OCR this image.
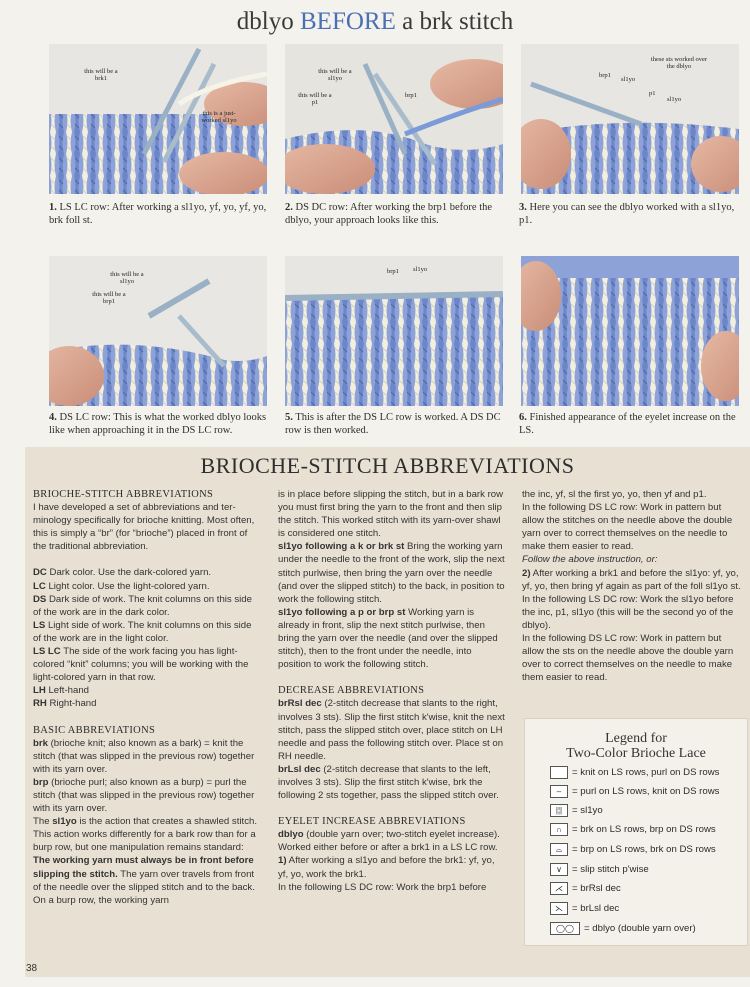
dblyo BEFORE a brk stitch
this will be a brk1
this is a just-worked sl1yo
1. LS LC row: After working a sl1yo, yf, yo, yf, yo, brk foll st.
this will be a sl1yo
this will be a p1
brp1
2. DS DC row: After working the brp1 before the dblyo, your approach looks like this.
brp1
sl1yo
p1
these sts worked over the dblyo
sl1yo
3. Here you can see the dblyo worked with a sl1yo, p1.
this will be a sl1yo
this will be a brp1
4. DS LC row: This is what the worked dblyo looks like when approaching it in the DS LC row.
brp1 sl1yo
5. This is after the DS LC row is worked. A DS DC row is then worked.
6. Finished appearance of the eyelet increase on the LS.
BRIOCHE-STITCH ABBREVIATIONS
BRIOCHE-STITCH ABBREVIATIONS

I have developed a set of abbreviations and ter-minology specifically for brioche knitting. Most often, this is simply a “br” (for “brioche”) placed in front of the traditional abbreviation.

DC Dark color. Use the dark-colored yarn.

LC Light color. Use the light-colored yarn.

DS Dark side of work. The knit columns on this side of the work are in the dark color.

LS Light side of work. The knit columns on this side of the work are in the light color.

LS LC The side of the work facing you has light-colored “knit” columns; you will be working with the light-colored yarn in that row.

LH Left-hand

RH Right-hand

BASIC ABBREVIATIONS

brk (brioche knit; also known as a bark) = knit the stitch (that was slipped in the previous row) together with its yarn over.

brp (brioche purl; also known as a burp) = purl the stitch (that was slipped in the previous row) together with its yarn over.

The sl1yo is the action that creates a shawled stitch. This action works differently for a bark row than for a burp row, but one manipulation remains standard: The working yarn must always be in front before slipping the stitch. The yarn over travels from front of the needle over the slipped stitch and to the back. On a burp row, the working yarn

is in place before slipping the stitch, but in a bark row you must first bring the yarn to the front and then slip the stitch. This worked stitch with its yarn-over shawl is considered one stitch.

sl1yo following a k or brk st Bring the working yarn under the needle to the front of the work, slip the next stitch purlwise, then bring the yarn over the needle (and over the slipped stitch) to the back, in position to work the following stitch.

sl1yo following a p or brp st Working yarn is already in front, slip the next stitch purlwise, then bring the yarn over the needle (and over the slipped stitch), then to the front under the needle, into position to work the following stitch.

DECREASE ABBREVIATIONS

brRsl dec (2-stitch decrease that slants to the right, involves 3 sts). Slip the first stitch k'wise, knit the next stitch, pass the slipped stitch over, place stitch on LH needle and pass the following stitch over. Place st on RH needle.

brLsl dec (2-stitch decrease that slants to the left, involves 3 sts). Slip the first stitch k'wise, brk the following 2 sts together, pass the slipped stitch over.

EYELET INCREASE ABBREVIATIONS

dblyo (double yarn over; two-stitch eyelet increase). Worked either before or after a brk1 in a LS LC row.

1) After working a sl1yo and before the brk1: yf, yo, yf, yo, work the brk1.

In the following LS DC row: Work the brp1 before

the inc, yf, sl the first yo, yo, then yf and p1.

In the following DS LC row: Work in pattern but allow the stitches on the needle above the double yarn over to correct themselves on the needle to make them easier to read.

Follow the above instruction, or:

2) After working a brk1 and before the sl1yo: yf, yo, yf, yo, then bring yf again as part of the foll sl1yo st.

In the following LS DC row: Work the sl1yo before the inc, p1, sl1yo (this will be the second yo of the dblyo).

In the following DS LC row: Work in pattern but allow the sts on the needle above the double yarn over to correct themselves on the needle to make them easier to read.

Legend for
Two-Color Brioche Lace
= knit on LS rows, purl on DS rows
– = purl on LS rows, knit on DS rows
|¦| = sl1yo
∩ = brk on LS rows, brp on DS rows
⌓ = brp on LS rows, brk on DS rows
∨ = slip stitch p'wise
⋌ = brRsl dec
⋋ = brLsl dec
◯◯ = dblyo (double yarn over)
38
